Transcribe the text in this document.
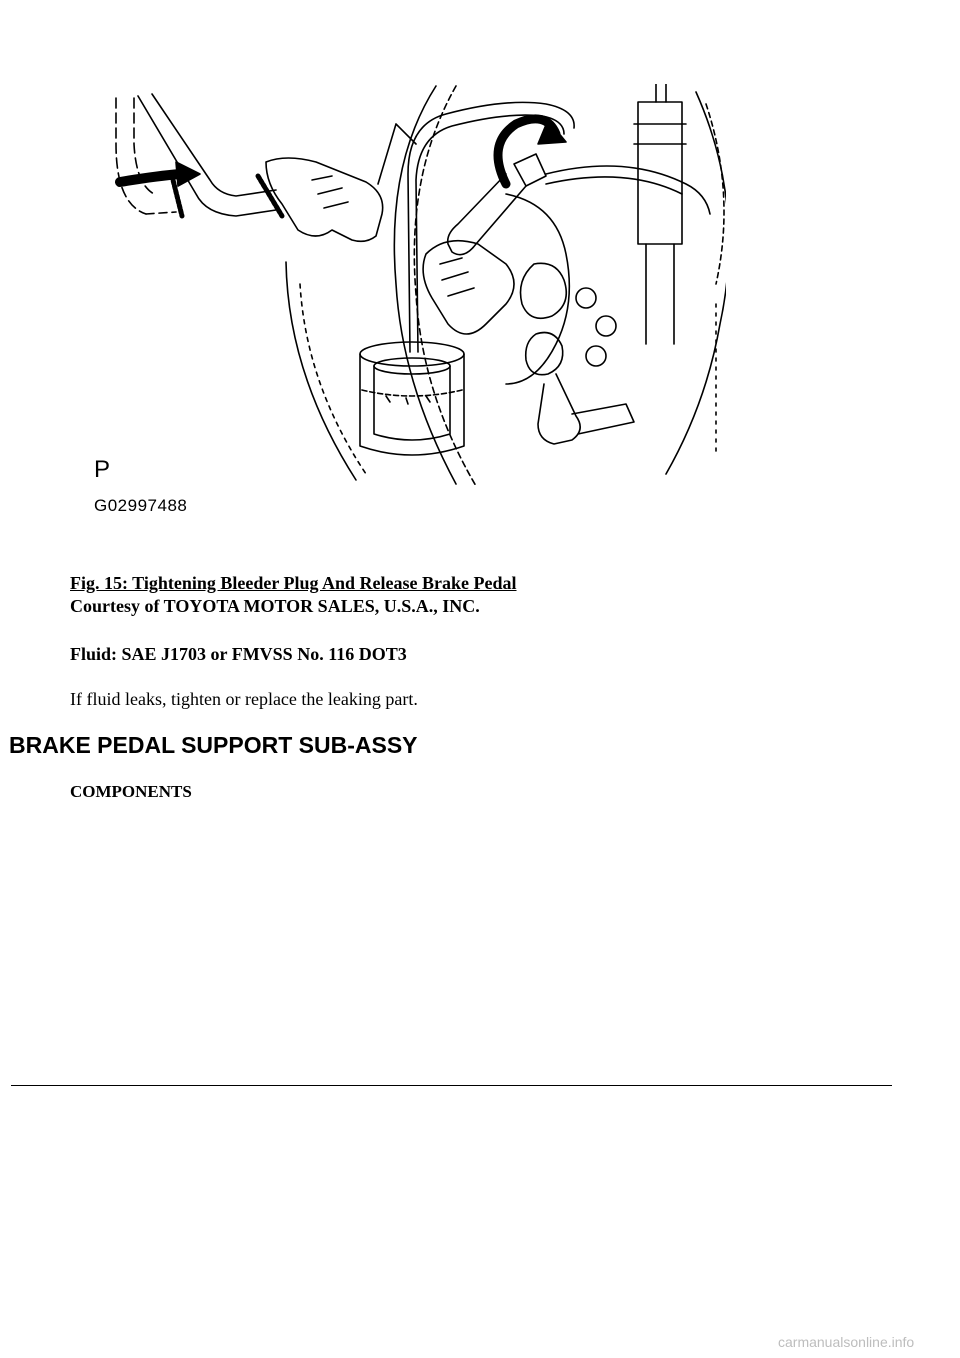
P
G02997488
Fig. 15: Tightening Bleeder Plug And Release Brake Pedal
Courtesy of TOYOTA MOTOR SALES, U.S.A., INC.
Fluid: SAE J1703 or FMVSS No. 116 DOT3
If fluid leaks, tighten or replace the leaking part.
BRAKE PEDAL SUPPORT SUB-ASSY
COMPONENTS
carmanualsonline.info
